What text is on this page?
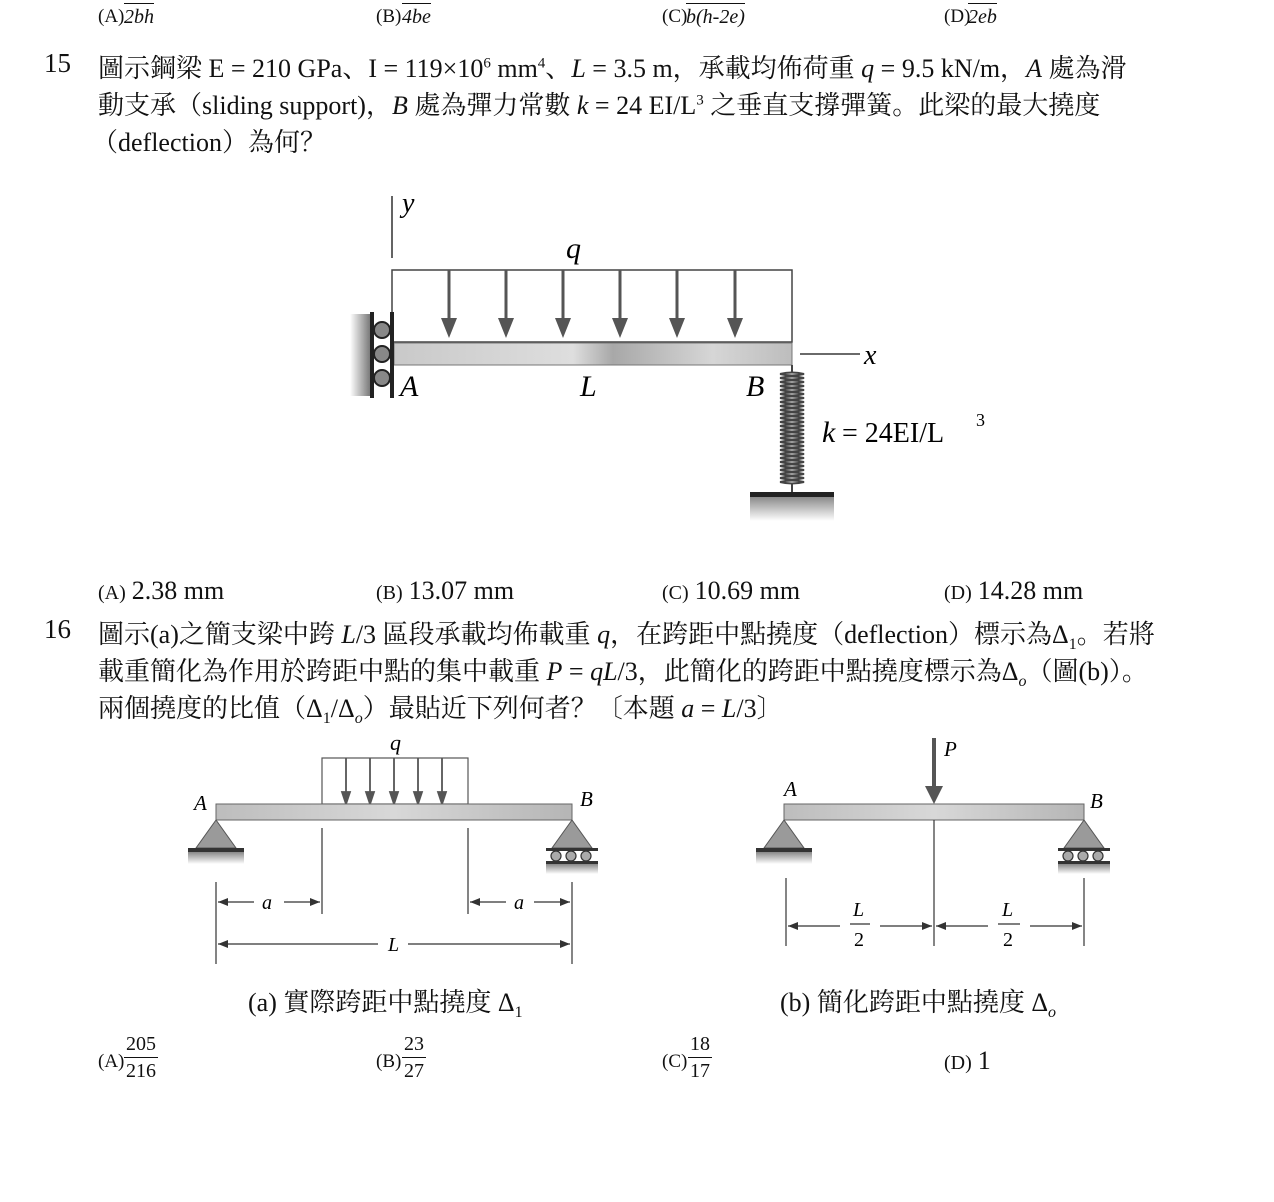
(A) 2bh	(B) 4be	(C)
b(h-2e)	(D)
2eb
15 圖示鋼梁 E = 210 GPa、$I = 119\times 10^6$ $mm^4$、L = 3.5 m，承載均佈荷重 q = 9.5 kN/m，A 處為滑
動支承（sliding support)，B 處為彈力常數 k = 24 $EI/L^3$ 之垂直支撐彈簧。此梁的最大撓度
（deflection）為何？
y
q
x
A	L	B
k = 24EI/L 3
(A) 2.38 mm	(B) 13.07 mm	(C) 10.69 mm	(D) 14.28 mm
16 圖示(a)之簡支梁中跨 L/3 區段承載均佈載重 q，在跨距中點撓度（deflection）標示為$\Delta_1$。若將
載重簡化為作用於跨距中點的集中載重 P = qL/3，此簡化的跨距中點撓度標示為$\Delta_o$（圖(b)）。
兩個撓度的比值$(\Delta_1/\Delta_o)$最貼近下列何者？〔本題 a = L/3〕
q
A	B
a	a
L
P
A	B
L
2
L
2
(a) 實際跨距中點撓度 $\Delta_1$	(b) 簡化跨距中點撓度 $\Delta_o$
$(A) \frac{205}{216}$	$(B) \frac{23}{27}$	$(C) \frac{18}{17}$	(D) 1
